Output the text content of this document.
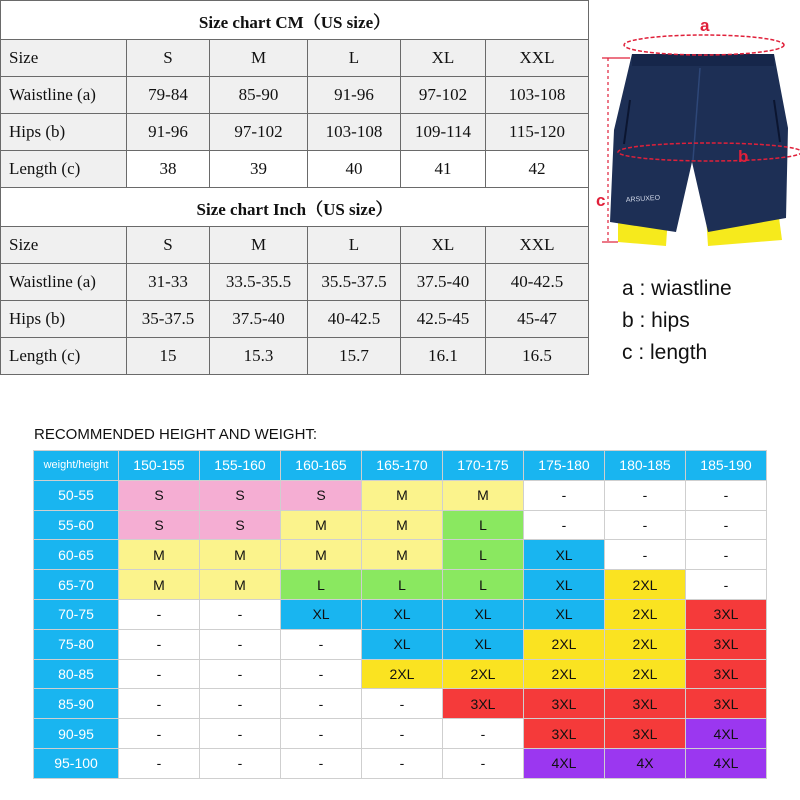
Size chart CM（US size）					
Size	S	M	L	XL	XXL
Waistline (a)	79-84	85-90	91-96	97-102	103-108
Hips (b)	91-96	97-102	103-108	109-114	115-120
Length (c)	38	39	40	41	42
Size chart Inch（US size）					
Size	S	M	L	XL	XXL
Waistline (a)	31-33	33.5-35.5	35.5-37.5	37.5-40	40-42.5
Hips (b)	35-37.5	37.5-40	40-42.5	42.5-45	45-47
Length (c)	15	15.3	15.7	16.1	16.5
ARSUXEO
a
b
c
a : wiastline
b : hips
c : length
RECOMMENDED HEIGHT AND WEIGHT:
weight/height	150-155	155-160	160-165	165-170	170-175	175-180	180-185	185-190
50-55	S	S	S	M	M	-	-	-
55-60	S	S	M	M	L	-	-	-
60-65	M	M	M	M	L	XL	-	-
65-70	M	M	L	L	L	XL	2XL	-
70-75	-	-	XL	XL	XL	XL	2XL	3XL
75-80	-	-	-	XL	XL	2XL	2XL	3XL
80-85	-	-	-	2XL	2XL	2XL	2XL	3XL
85-90	-	-	-	-	3XL	3XL	3XL	3XL
90-95	-	-	-	-	-	3XL	3XL	4XL
95-100	-	-	-	-	-	4XL	4X	4XL
